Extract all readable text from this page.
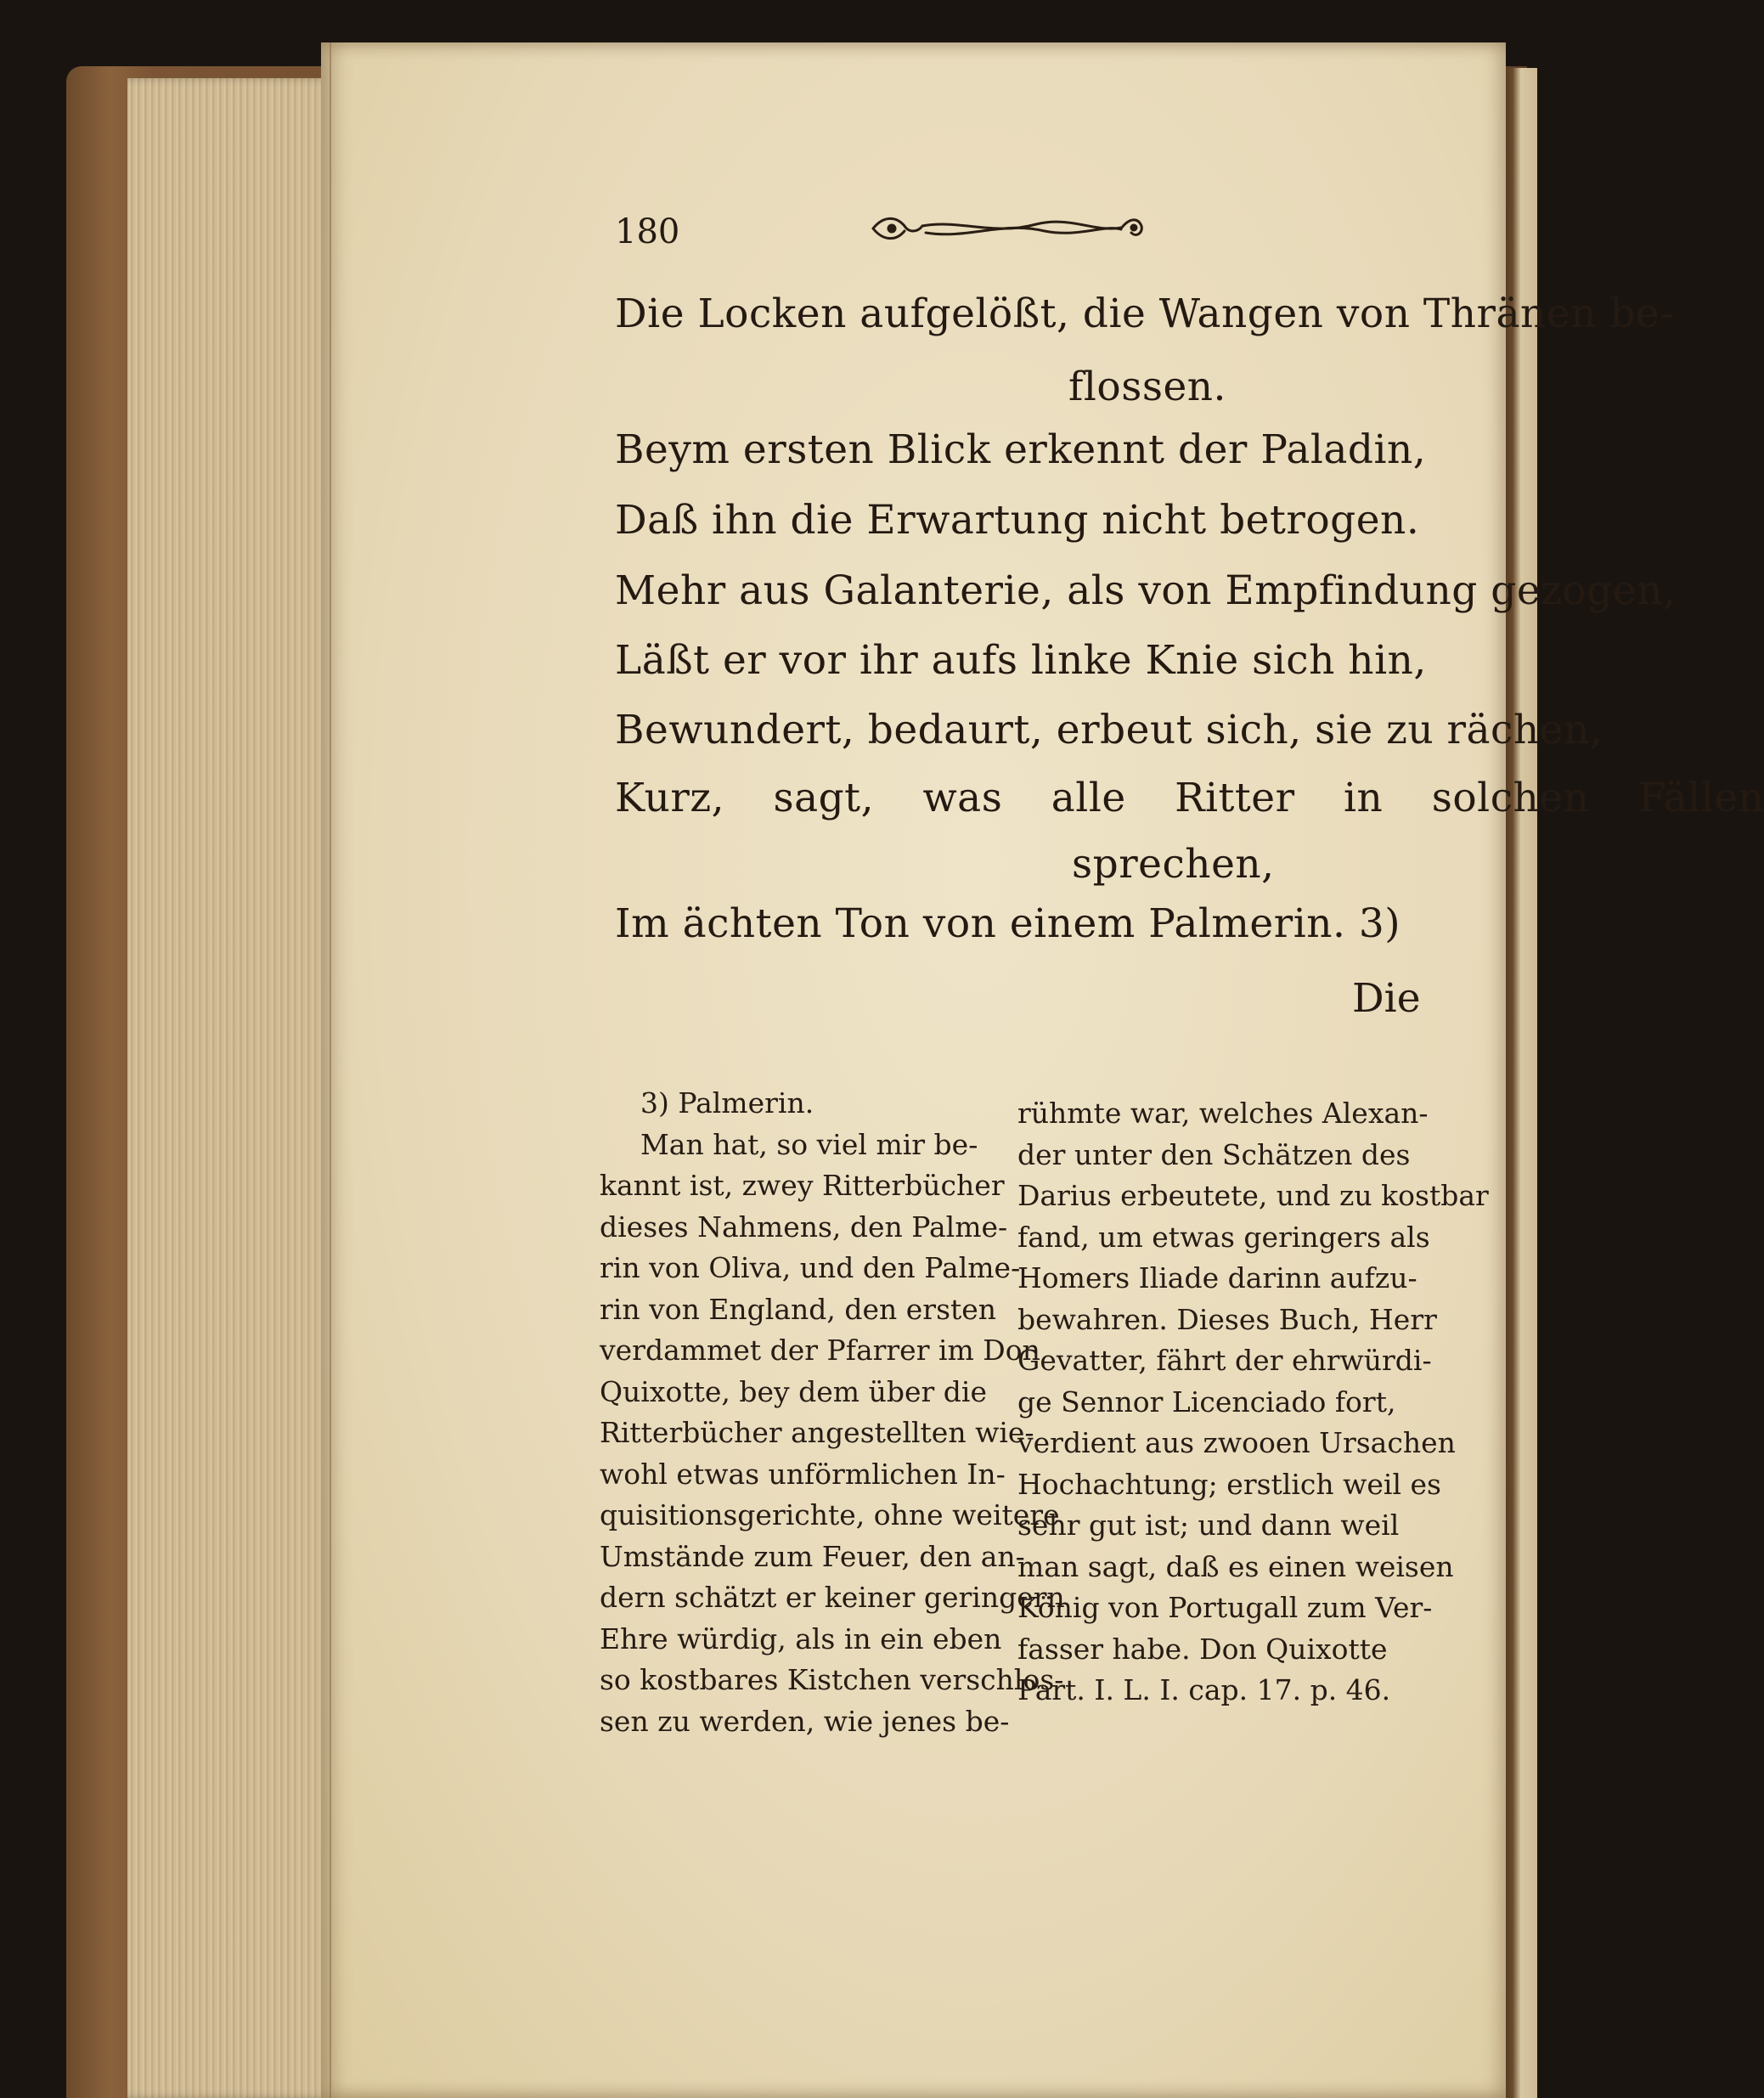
180
Die Locken aufgelößt, die Wangen von Thränen be-
flossen.
Beym ersten Blick erkennt der Paladin,
Daß ihn die Erwartung nicht betrogen.
Mehr aus Galanterie, als von Empfindung gezogen,
Läßt er vor ihr aufs linke Knie sich hin,
Bewundert, bedaurt, erbeut sich, sie zu rächen,
Kurz, sagt, was alle Ritter in solchen Fällen
sprechen,
Im ächten Ton von einem Palmerin. 3)
Die
3) Palmerin.
Man hat, so viel mir be-
kannt ist, zwey Ritterbücher
dieses Nahmens, den Palme-
rin von Oliva, und den Palme-
rin von England, den ersten
verdammet der Pfarrer im Don
Quixotte, bey dem über die
Ritterbücher angestellten wie-
wohl etwas unförmlichen In-
quisitionsgerichte, ohne weitere
Umstände zum Feuer, den an-
dern schätzt er keiner geringern
Ehre würdig, als in ein eben
so kostbares Kistchen verschlos-
sen zu werden, wie jenes be-
rühmte war, welches Alexan-
der unter den Schätzen des
Darius erbeutete, und zu kostbar
fand, um etwas geringers als
Homers Iliade darinn aufzu-
bewahren. Dieses Buch, Herr
Gevatter, fährt der ehrwürdi-
ge Sennor Licenciado fort,
verdient aus zwooen Ursachen
Hochachtung; erstlich weil es
sehr gut ist; und dann weil
man sagt, daß es einen weisen
König von Portugall zum Ver-
fasser habe. Don Quixotte
Part. I. L. I. cap. 17. p. 46.
